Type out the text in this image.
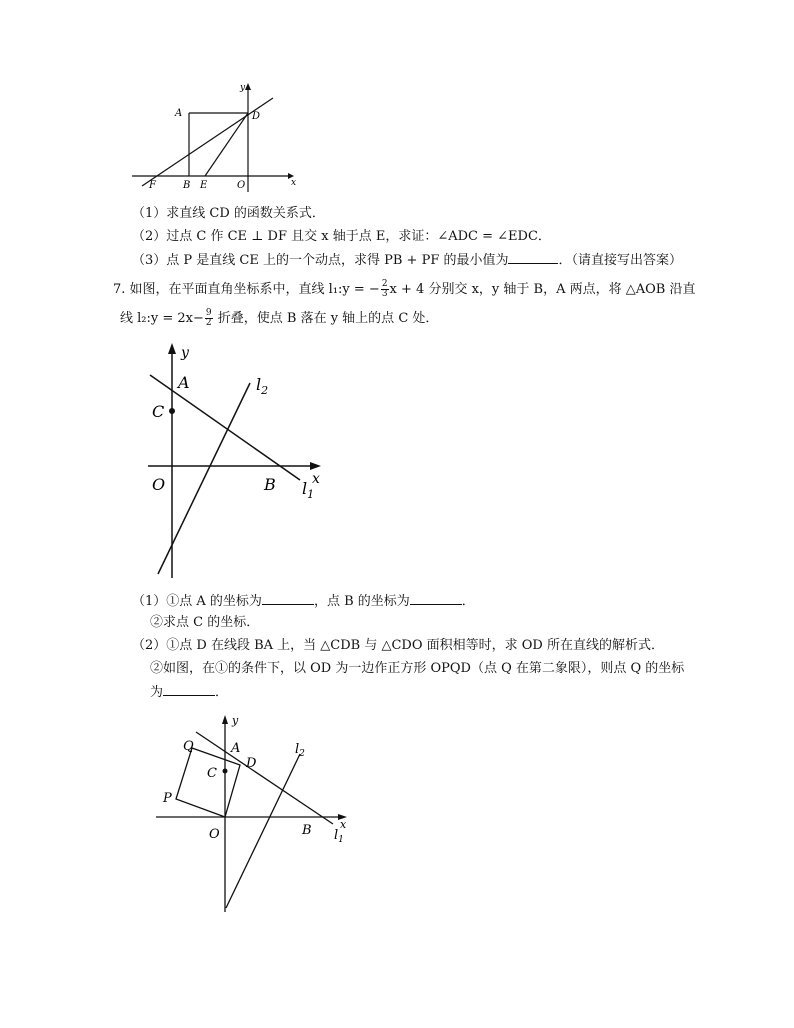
y
x
A	D
F	B E	O
（1）求直线 CD 的函数关系式．
（2）过点 C 作 CE ⊥ DF 且交 x 轴于点 E，求证：∠ADC = ∠EDC．
（3）点 P 是直线 CE 上的一个动点，求得 PB + PF 的最小值为	．（请直接写出答案）
7. 如图，在平面直角坐标系中，直线 l₁:y = − $\frac{2}{3}$ x + 4 分别交 x，y 轴于 B，A 两点，将 △AOB 沿直
线 l₂:y = $2x- \frac{9}{2}$ 折叠，使点 B 落在 y 轴上的点 C 处．
y
A
C
$l_2$
O	B $l_1$
x
（1）①点 A 的坐标为	，点 B 的坐标为	．
②求点 C 的坐标．
（2）①点 D 在线段 BA 上，当 △CDB 与 △CDO 面积相等时，求 OD 所在直线的解析式．
②如图，在①的条件下，以 OD 为一边作正方形 OPQD（点 Q 在第二象限），则点 Q 的坐标
为	．
y
Q	A
D
C
$l_2$
P
O	B $l_1$
x
